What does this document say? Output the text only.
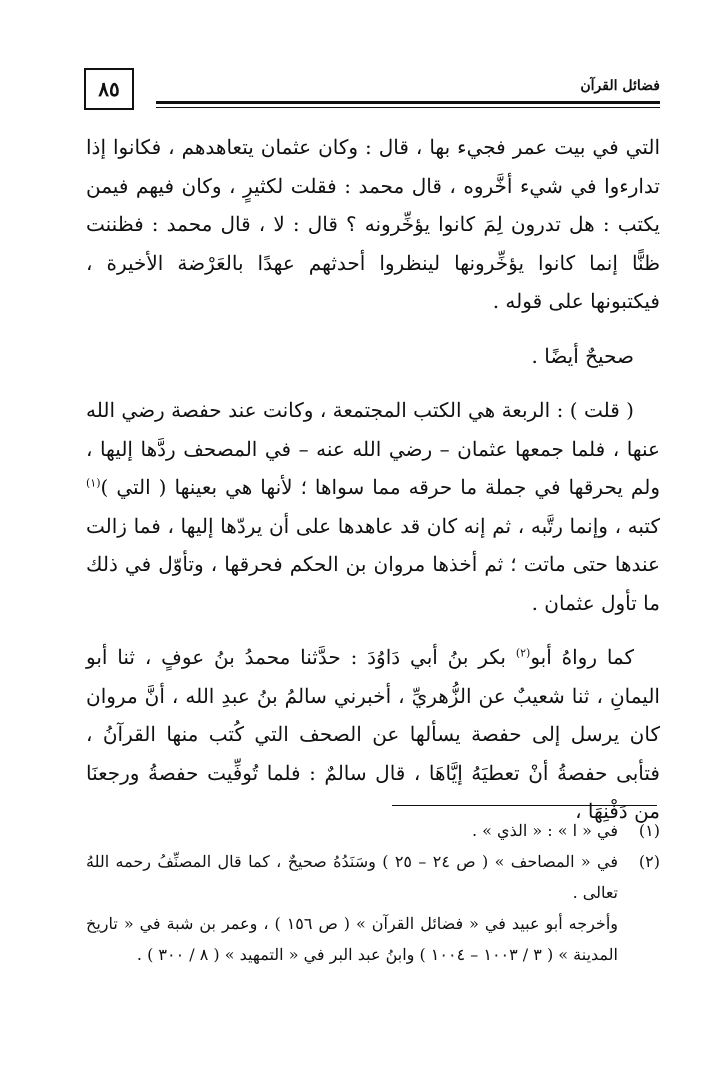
٨٥	فضائل القرآن

التي في بيت عمر فجيء بها ، قال : وكان عثمان يتعاهدهم ، فكانوا إذا تدارءوا في شيء أخَّروه ، قال محمد : فقلت لكثيرٍ ، وكان فيهم فيمن يكتب : هل تدرون لِمَ كانوا يؤخِّرونه ؟ قال : لا ، قال محمد : فظننت ظنًّا إنما كانوا يؤخِّرونها لينظروا أحدثهم عهدًا بالعَرْضة الأخيرة ، فيكتبونها على قوله .

صحيحٌ أيضًا .

( قلت ) : الربعة هي الكتب المجتمعة ، وكانت عند حفصة رضي الله عنها ، فلما جمعها عثمان – رضي الله عنه – في المصحف ردَّها إليها ، ولم يحرقها في جملة ما حرقه مما سواها ؛ لأنها هي بعينها ( التي )$^{(١)}$ كتبه ، وإنما رتَّبه ، ثم إنه كان قد عاهدها على أن يردّها إليها ، فما زالت عندها حتى ماتت ؛ ثم أخذها مروان بن الحكم فحرقها ، وتأوّل في ذلك ما تأول عثمان .

كما رواهُ أبو$^{(٢)}$ بكر بنُ أبي دَاوُدَ : حدَّثنا محمدُ بنُ عوفٍ ، ثنا أبو اليمانِ ، ثنا شعيبٌ عن الزُّهريِّ ، أخبرني سالمُ بنُ عبدِ الله ، أنَّ مروان كان يرسل إلى حفصة يسألها عن الصحف التي كُتب منها القرآنُ ، فتأبى حفصةُ أنْ تعطيَهُ إيَّاهَا ، قال سالمٌ : فلما تُوفِّيت حفصةُ ورجعنَا من دَفْنِهَا ،

(١)
في « ا » : « الذي » .
(٢)
في « المصاحف » ( ص ٢٤ – ٢٥ ) وسَنَدُهُ صحيحٌ ، كما قال المصنِّفُ رحمه اللهُ تعالى .
وأخرجه أبو عبيد في « فضائل القرآن » ( ص ١٥٦ ) ، وعمر بن شبة في « تاريخ المدينة » ( ٣ / ١٠٠٣ – ١٠٠٤ ) وابنُ عبد البر في « التمهيد » ( ٨ / ٣٠٠ ) .
